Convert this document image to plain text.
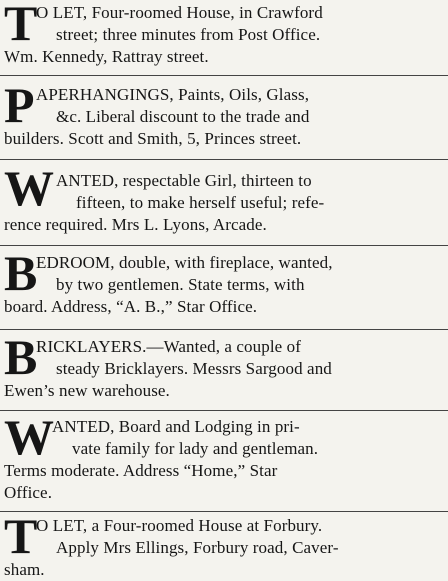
T
O LET, Four-roomed House, in Crawford
street; three minutes from Post Office.
Wm. Kennedy, Rattray street.
P APERHANGINGS, Paints, Oils, Glass,
&c. Liberal discount to the trade and
builders. Scott and Smith, 5, Princes street.
W ANTED, respectable Girl, thirteen to
fifteen, to make herself useful; refe-
rence required. Mrs L. Lyons, Arcade.
B
EDROOM, double, with fireplace, wanted,
by two gentlemen. State terms, with
board. Address, “A. B.,” Star Office.
B
RICKLAYERS.—Wanted, a couple of
steady Bricklayers. Messrs Sargood and
Ewen’s new warehouse.
W
ANTED, Board and Lodging in pri-
vate family for lady and gentleman.
Terms moderate. Address “Home,” Star
Office.
T
O LET, a Four-roomed House at Forbury.
Apply Mrs Ellings, Forbury road, Caver-
sham.
